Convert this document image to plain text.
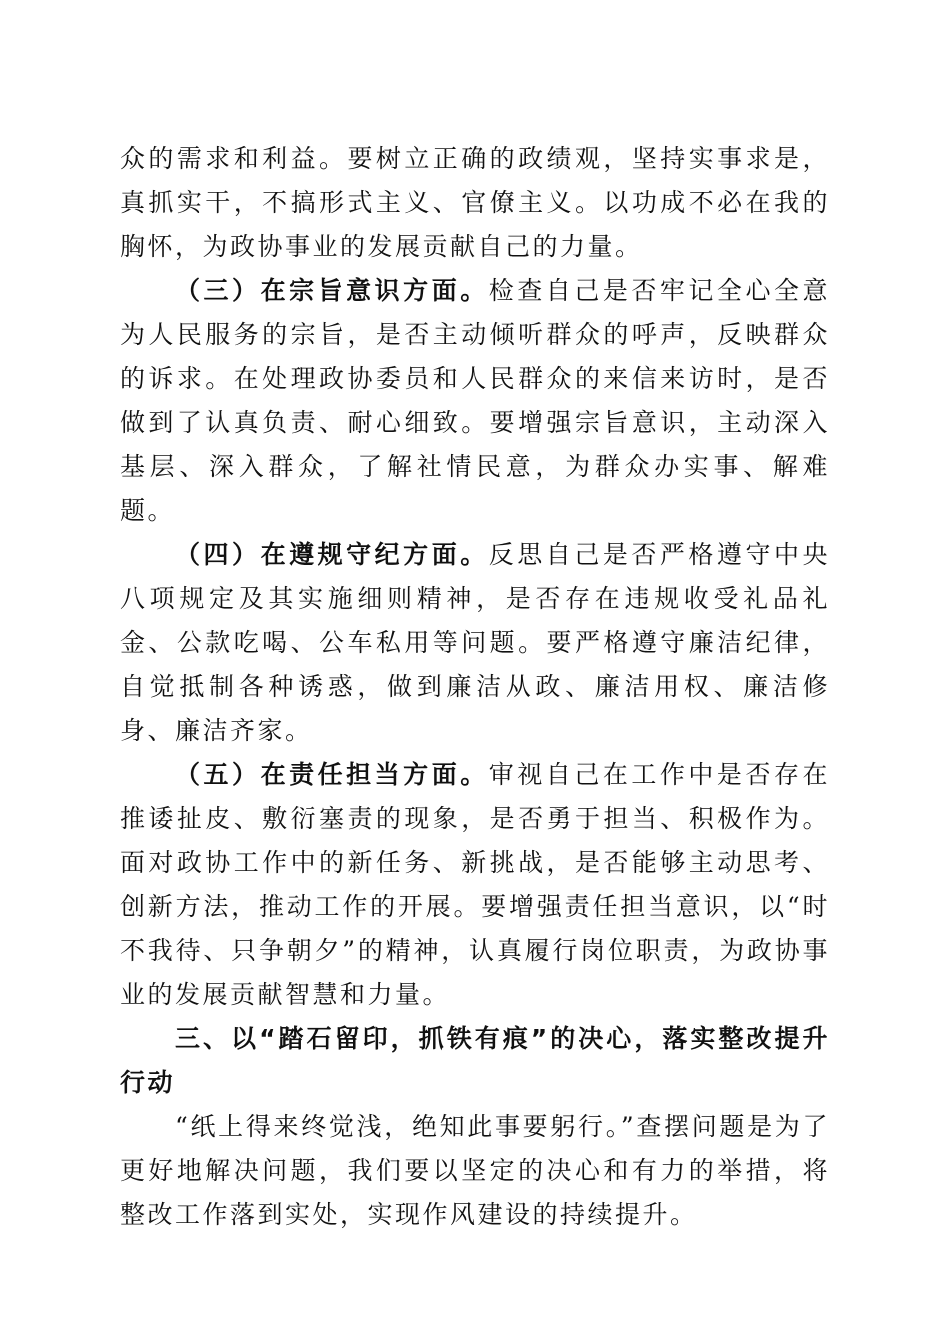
众的需求和利益。要树立正确的政绩观，坚持实事求是，真抓实干，不搞形式主义、官僚主义。以功成不必在我的胸怀，为政协事业的发展贡献自己的力量。

（三）在宗旨意识方面。检查自己是否牢记全心全意为人民服务的宗旨，是否主动倾听群众的呼声，反映群众的诉求。在处理政协委员和人民群众的来信来访时，是否做到了认真负责、耐心细致。要增强宗旨意识，主动深入基层、深入群众，了解社情民意，为群众办实事、解难题。

（四）在遵规守纪方面。反思自己是否严格遵守中央八项规定及其实施细则精神，是否存在违规收受礼品礼金、公款吃喝、公车私用等问题。要严格遵守廉洁纪律，自觉抵制各种诱惑，做到廉洁从政、廉洁用权、廉洁修身、廉洁齐家。

（五）在责任担当方面。审视自己在工作中是否存在推诿扯皮、敷衍塞责的现象，是否勇于担当、积极作为。面对政协工作中的新任务、新挑战，是否能够主动思考、创新方法，推动工作的开展。要增强责任担当意识，以“时不我待、只争朝夕”的精神，认真履行岗位职责，为政协事业的发展贡献智慧和力量。

三、以“踏石留印，抓铁有痕”的决心，落实整改提升行动

“纸上得来终觉浅，绝知此事要躬行。”查摆问题是为了更好地解决问题，我们要以坚定的决心和有力的举措，将整改工作落到实处，实现作风建设的持续提升。
